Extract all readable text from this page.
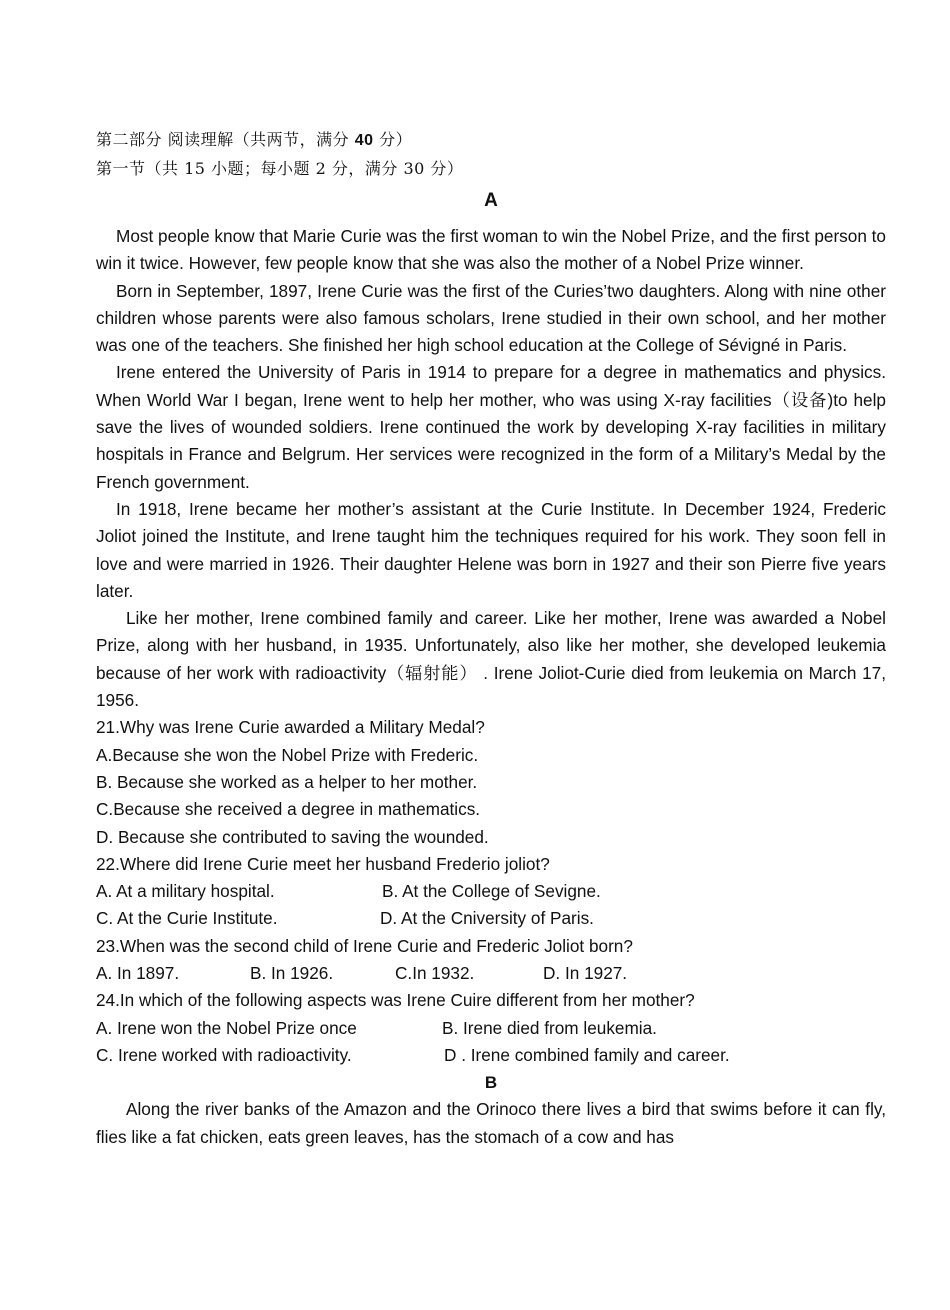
第二部分 阅读理解（共两节，满分 40 分）
第一节（共 15 小题；每小题 2 分，满分 30 分）
A

Most people know that Marie Curie was the first woman to win the Nobel Prize, and the first person to win it twice. However, few people know that she was also the mother of a Nobel Prize winner.

Born in September, 1897, Irene Curie was the first of the Curies’two daughters. Along with nine other children whose parents were also famous scholars, Irene studied in their own school, and her mother was one of the teachers. She finished her high school education at the College of Sévigné in Paris.

Irene entered the University of Paris in 1914 to prepare for a degree in mathematics and physics. When World War I began, Irene went to help her mother, who was using X-ray facilities（设备)to help save the lives of wounded soldiers. Irene continued the work by developing X-ray facilities in military hospitals in France and Belgrum. Her services were recognized in the form of a Military’s Medal by the French government.

In 1918, Irene became her mother’s assistant at the Curie Institute. In December 1924, Frederic Joliot joined the Institute, and Irene taught him the techniques required for his work. They soon fell in love and were married in 1926. Their daughter Helene was born in 1927 and their son Pierre five years later.

Like her mother, Irene combined family and career. Like her mother, Irene was awarded a Nobel Prize, along with her husband, in 1935. Unfortunately, also like her mother, she developed leukemia because of her work with radioactivity（辐射能） . Irene Joliot-Curie died from leukemia on March 17, 1956.

21.Why was Irene Curie awarded a Military Medal?

A.Because she won the Nobel Prize with Frederic.

B. Because she worked as a helper to her mother.

C.Because she received a degree in mathematics.

D. Because she contributed to saving the wounded.

22.Where did Irene Curie meet her husband Frederio joliot?

A. At a military hospital.	B. At the College of Sevigne.
C. At the Curie Institute.	D. At the Cniversity of Paris.

23.When was the second child of Irene Curie and Frederic Joliot born?

A. In 1897.	B. In 1926.	C.In 1932.	D. In 1927.

24.In which of the following aspects was Irene Cuire different from her mother?

A. Irene won the Nobel Prize once	B. Irene died from leukemia.
C. Irene worked with radioactivity.	D . Irene combined family and career.
B

Along the river banks of the Amazon and the Orinoco there lives a bird that swims before it can fly, flies like a fat chicken, eats green leaves, has the stomach of a cow and has
